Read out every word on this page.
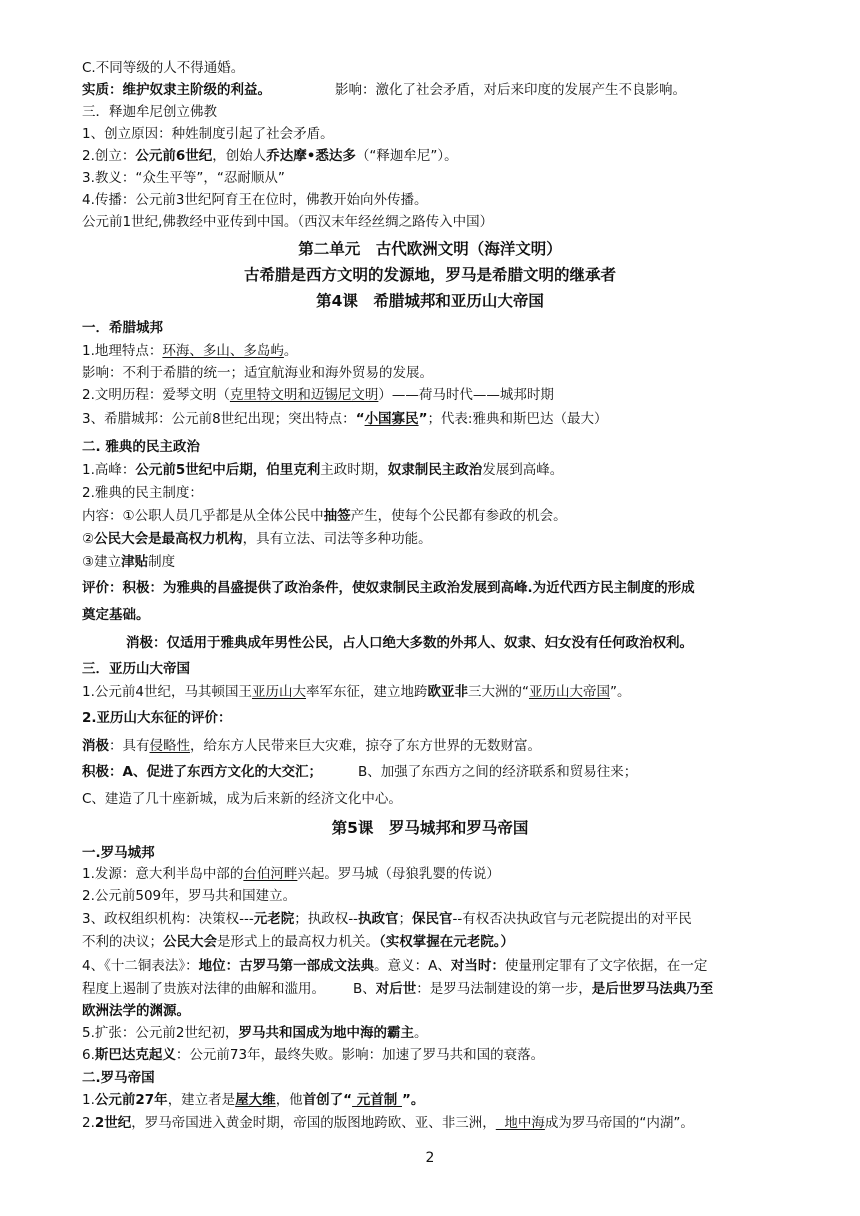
C.不同等级的人不得通婚。
实质：维护奴隶主阶级的利益。	影响：激化了社会矛盾，对后来印度的发展产生不良影响。
三．释迦牟尼创立佛教
1、创立原因：种姓制度引起了社会矛盾。
2.创立：公元前6世纪，创始人乔达摩•悉达多（“释迦牟尼”）。
3.教义：“众生平等”，“忍耐顺从”
4.传播：公元前3世纪阿育王在位时，佛教开始向外传播。
公元前1世纪,佛教经中亚传到中国。（西汉末年经丝绸之路传入中国）
第二单元　古代欧洲文明（海洋文明）
古希腊是西方文明的发源地，罗马是希腊文明的继承者
第4课　希腊城邦和亚历山大帝国
一．希腊城邦
1.地理特点：环海、多山、多岛屿。
影响：不利于希腊的统一；适宜航海业和海外贸易的发展。
2.文明历程：爱琴文明（克里特文明和迈锡尼文明）——荷马时代——城邦时期
3、希腊城邦：公元前8世纪出现；突出特点：“小国寡民”；代表:雅典和斯巴达（最大）
二. 雅典的民主政治
1.高峰：公元前5世纪中后期，伯里克利主政时期，奴隶制民主政治发展到高峰。
2.雅典的民主制度：
内容：①公职人员几乎都是从全体公民中抽签产生，使每个公民都有参政的机会。
②公民大会是最高权力机构，具有立法、司法等多种功能。
③建立津贴制度
评价：积极：为雅典的昌盛提供了政治条件，使奴隶制民主政治发展到高峰.为近代西方民主制度的形成
奠定基础。
消极：仅适用于雅典成年男性公民，占人口绝大多数的外邦人、奴隶、妇女没有任何政治权利。
三．亚历山大帝国
1.公元前4世纪，马其顿国王亚历山大率军东征，建立地跨欧亚非三大洲的“亚历山大帝国”。
2.亚历山大东征的评价：
消极：具有侵略性，给东方人民带来巨大灾难，掠夺了东方世界的无数财富。
积极：A、促进了东西方文化的大交汇；	B、加强了东西方之间的经济联系和贸易往来；
C、建造了几十座新城，成为后来新的经济文化中心。
第5课　罗马城邦和罗马帝国
一.罗马城邦
1.发源：意大利半岛中部的台伯河畔兴起。罗马城（母狼乳婴的传说）
2.公元前509年，罗马共和国建立。
3、政权组织机构：决策权---元老院；执政权--执政官；保民官--有权否决执政官与元老院提出的对平民
不利的决议；公民大会是形式上的最高权力机关。（实权掌握在元老院。）
4、《十二铜表法》：地位：古罗马第一部成文法典。意义：A、对当时：使量刑定罪有了文字依据，在一定
程度上遏制了贵族对法律的曲解和滥用。 B、对后世：是罗马法制建设的第一步，是后世罗马法典乃至
欧洲法学的渊源。
5.扩张：公元前2世纪初，罗马共和国成为地中海的霸主。
6.斯巴达克起义：公元前73年，最终失败。影响：加速了罗马共和国的衰落。
二.罗马帝国
1.公元前27年，建立者是屋大维，他首创了“ 元首制 ”。
2.2世纪，罗马帝国进入黄金时期，帝国的版图地跨欧、亚、非三洲，  地中海成为罗马帝国的“内湖”。
2
